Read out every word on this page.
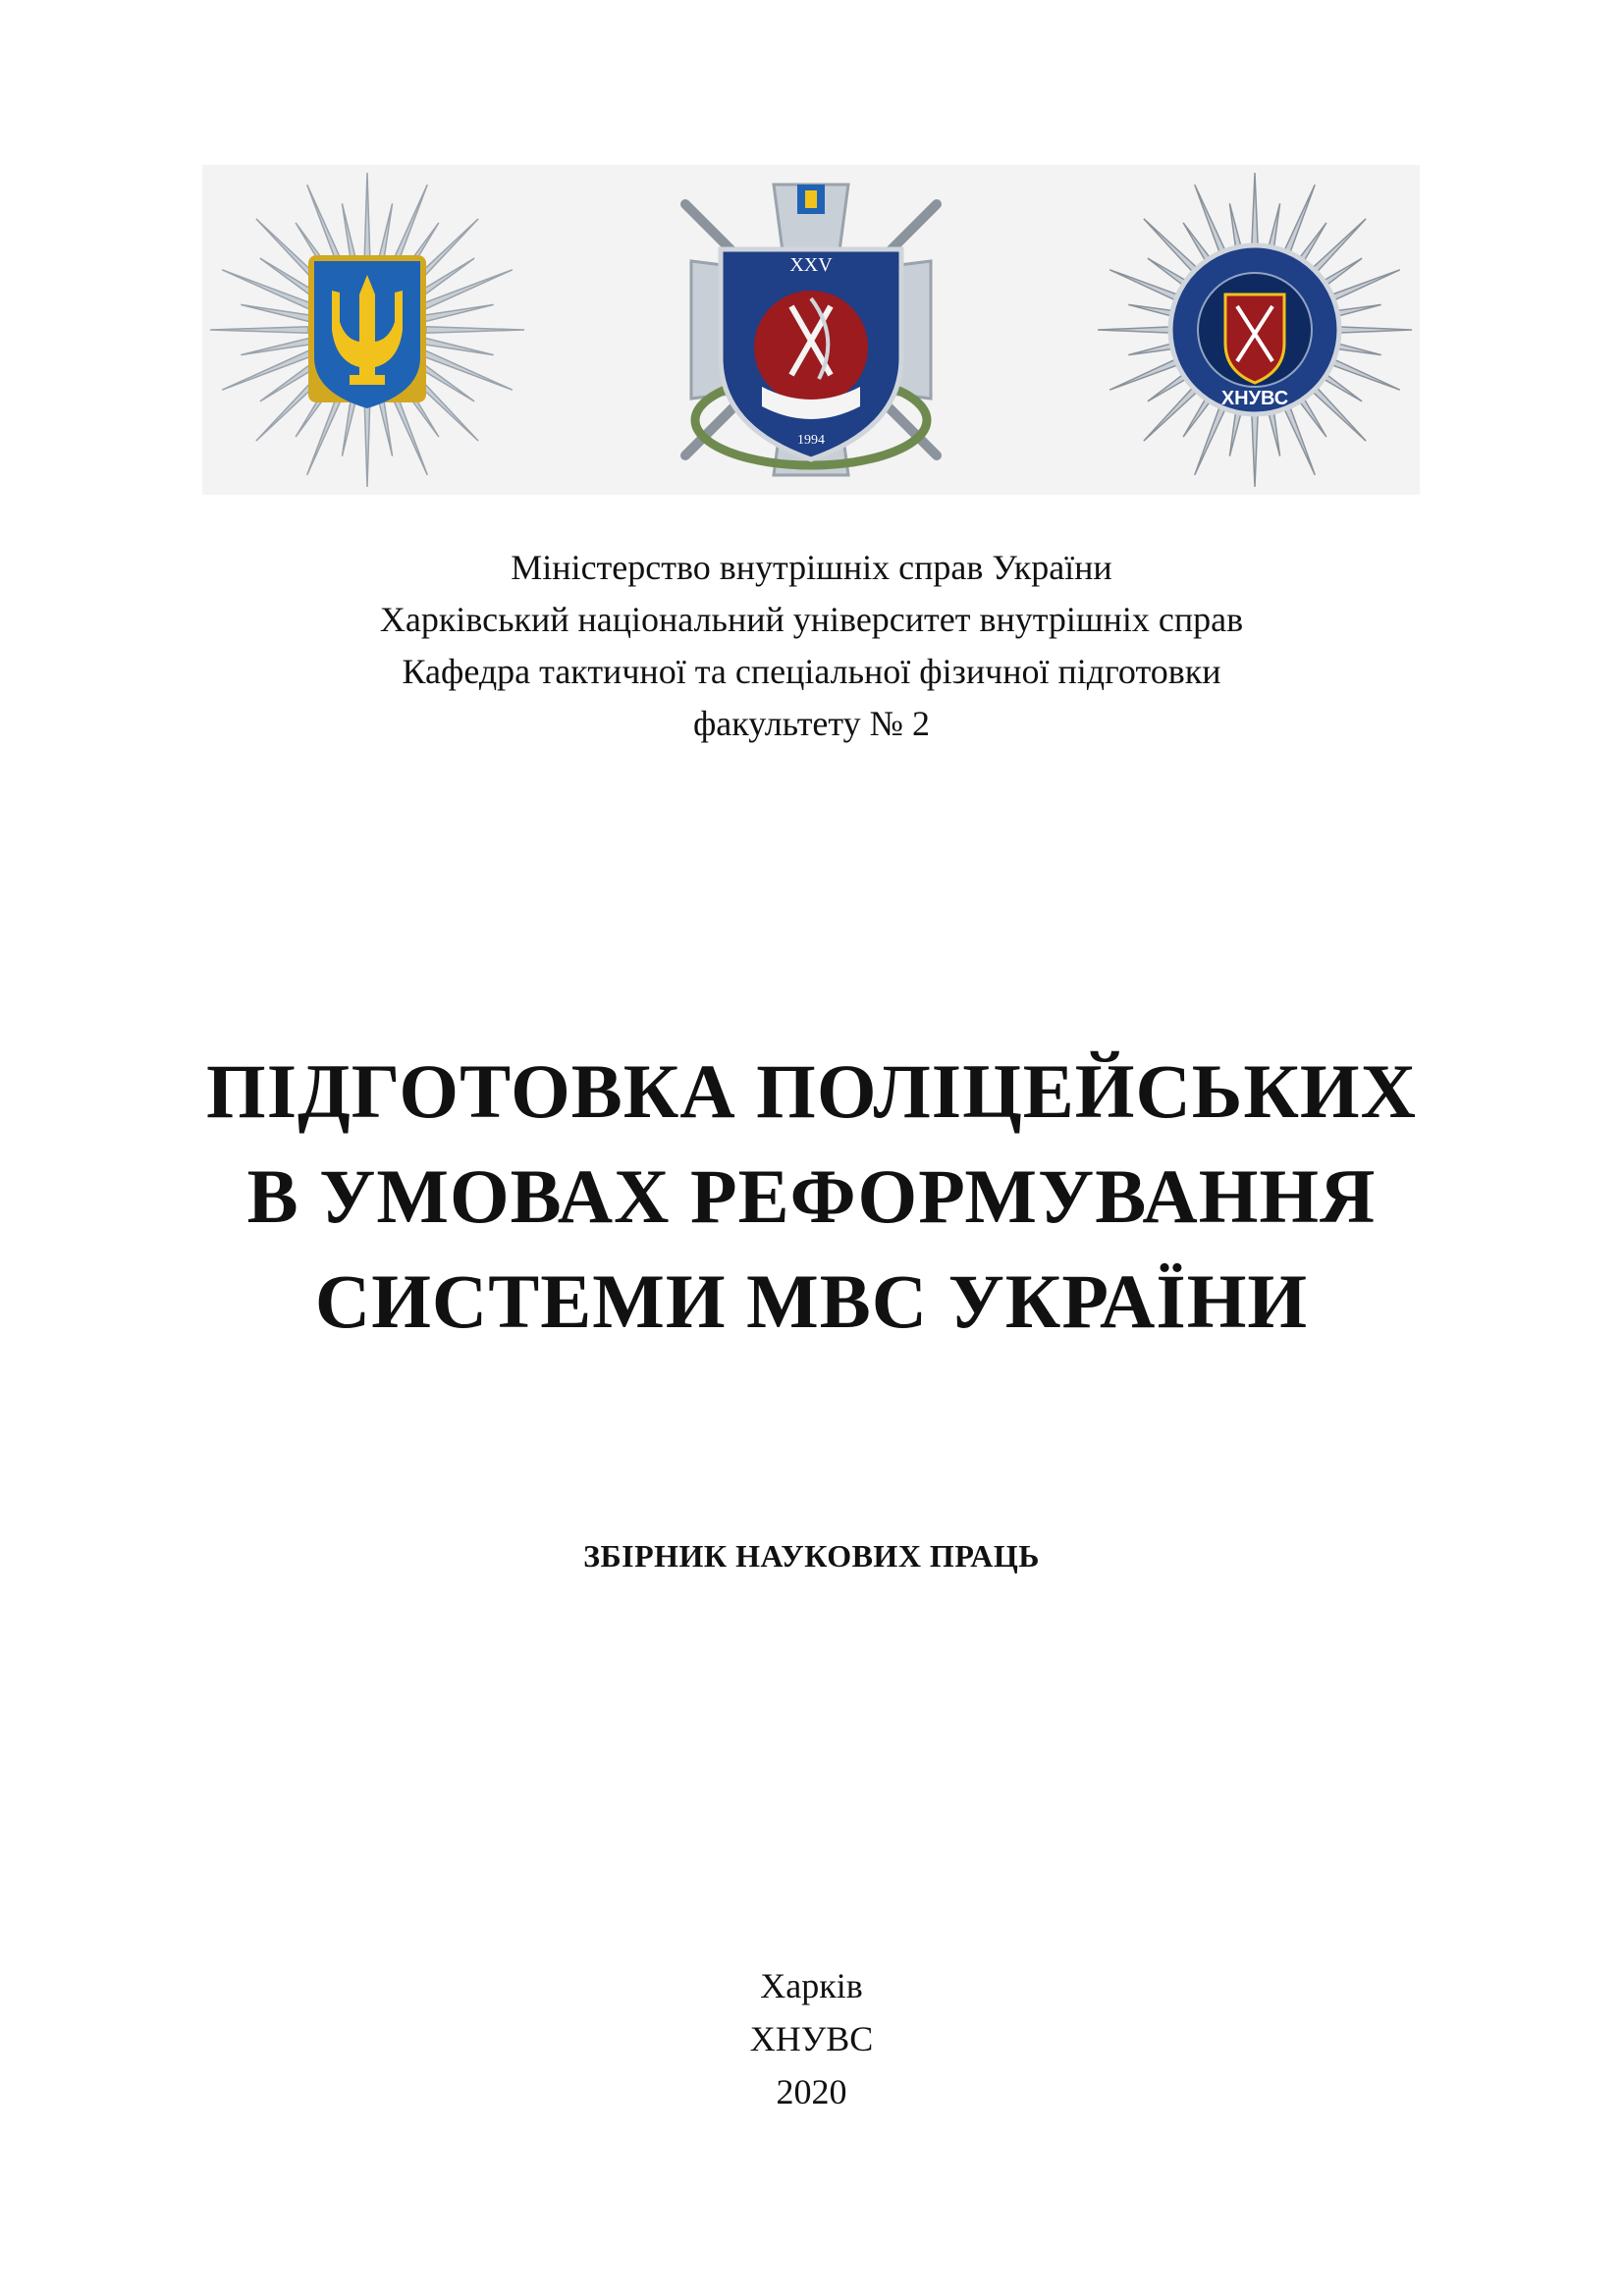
XXV
1994
ХНУВС
Міністерство внутрішніх справ України
Харківський національний університет внутрішніх справ
Кафедра тактичної та спеціальної фізичної підготовки
факультету № 2
ПІДГОТОВКА ПОЛІЦЕЙСЬКИХ
В УМОВАХ РЕФОРМУВАННЯ
СИСТЕМИ МВС УКРАЇНИ
ЗБІРНИК НАУКОВИХ ПРАЦЬ
Харків
ХНУВС
2020
